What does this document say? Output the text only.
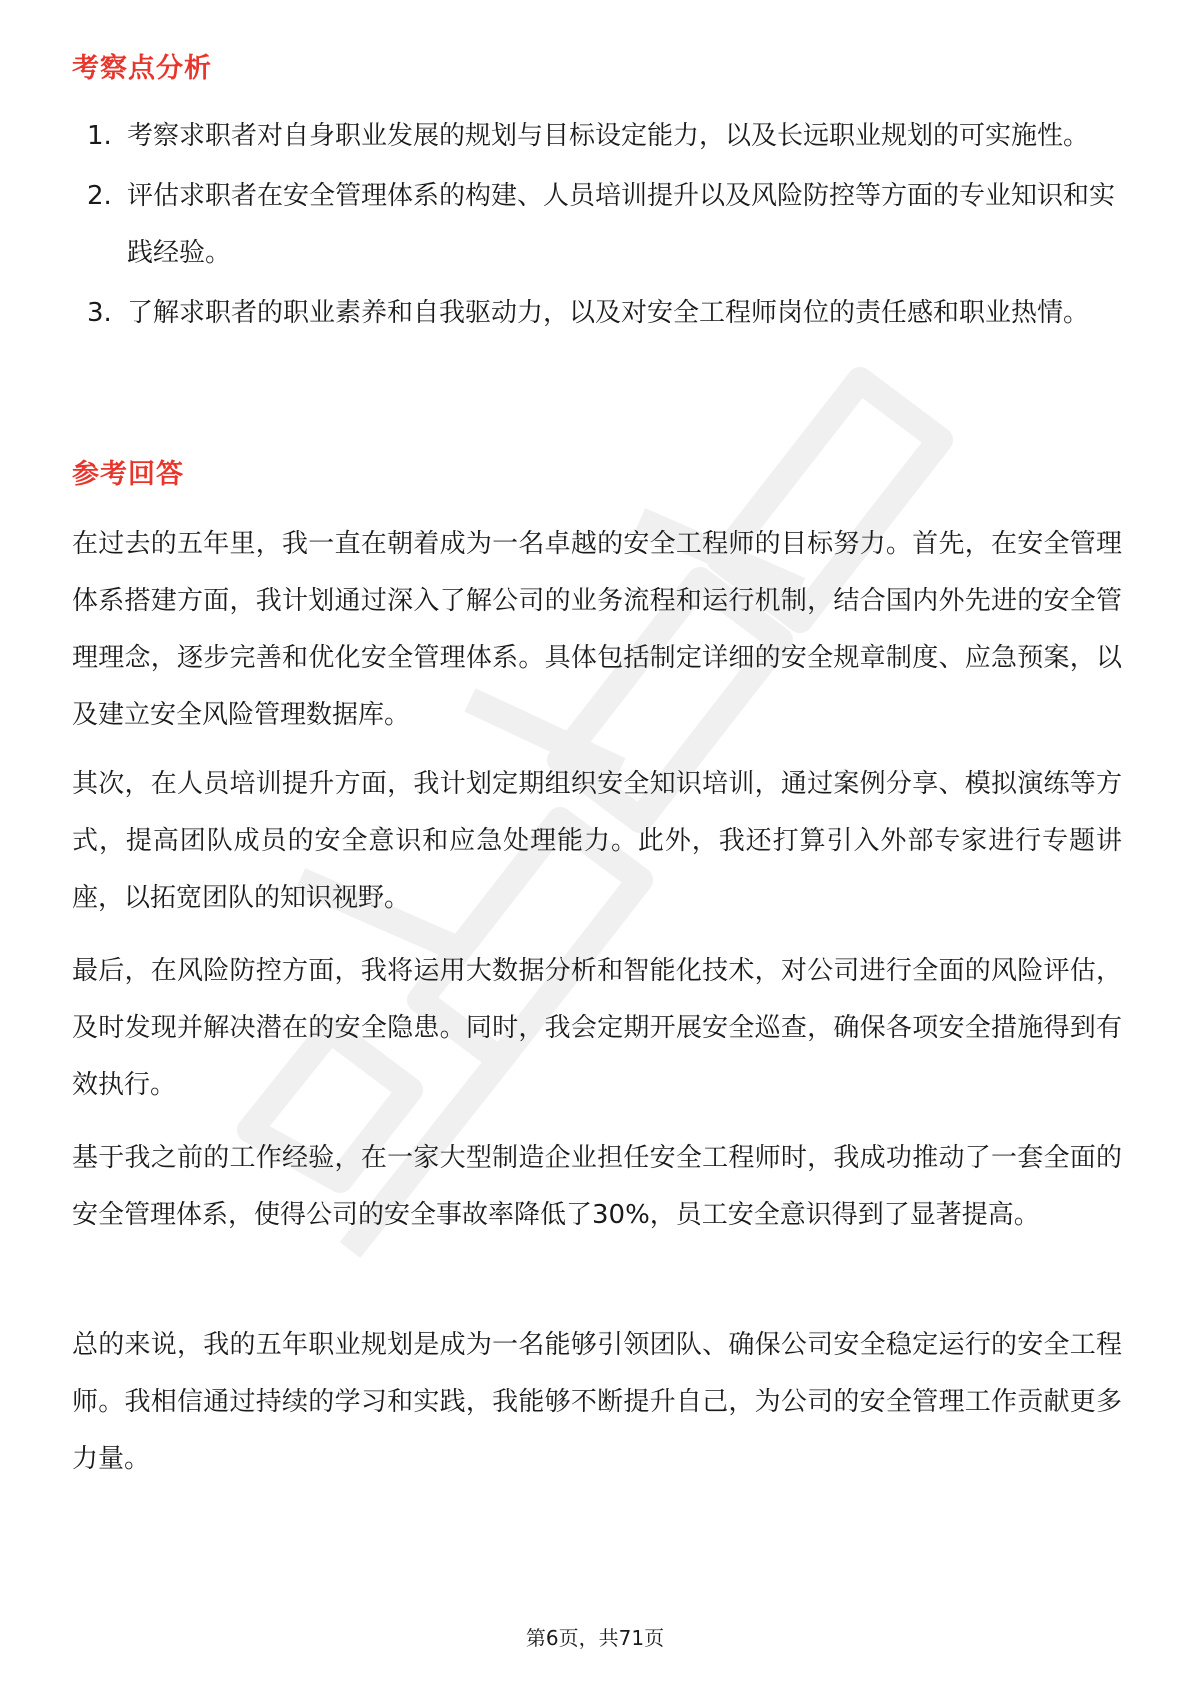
考察点分析
1. 考察求职者对自身职业发展的规划与目标设定能力，以及长远职业规划的可实施性。
2. 评估求职者在安全管理体系的构建、人员培训提升以及风险防控等方面的专业知识和实践经验。
3. 了解求职者的职业素养和自我驱动力，以及对安全工程师岗位的责任感和职业热情。
参考回答

在过去的五年里，我一直在朝着成为一名卓越的安全工程师的目标努力。首先，在安全管理体系搭建方面，我计划通过深入了解公司的业务流程和运行机制，结合国内外先进的安全管理理念，逐步完善和优化安全管理体系。具体包括制定详细的安全规章制度、应急预案，以及建立安全风险管理数据库。

其次，在人员培训提升方面，我计划定期组织安全知识培训，通过案例分享、模拟演练等方式，提高团队成员的安全意识和应急处理能力。此外，我还打算引入外部专家进行专题讲座，以拓宽团队的知识视野。

最后，在风险防控方面，我将运用大数据分析和智能化技术，对公司进行全面的风险评估，及时发现并解决潜在的安全隐患。同时，我会定期开展安全巡查，确保各项安全措施得到有效执行。

基于我之前的工作经验，在一家大型制造企业担任安全工程师时，我成功推动了一套全面的安全管理体系，使得公司的安全事故率降低了30%，员工安全意识得到了显著提高。

总的来说，我的五年职业规划是成为一名能够引领团队、确保公司安全稳定运行的安全工程师。我相信通过持续的学习和实践，我能够不断提升自己，为公司的安全管理工作贡献更多力量。

第6页，共71页
